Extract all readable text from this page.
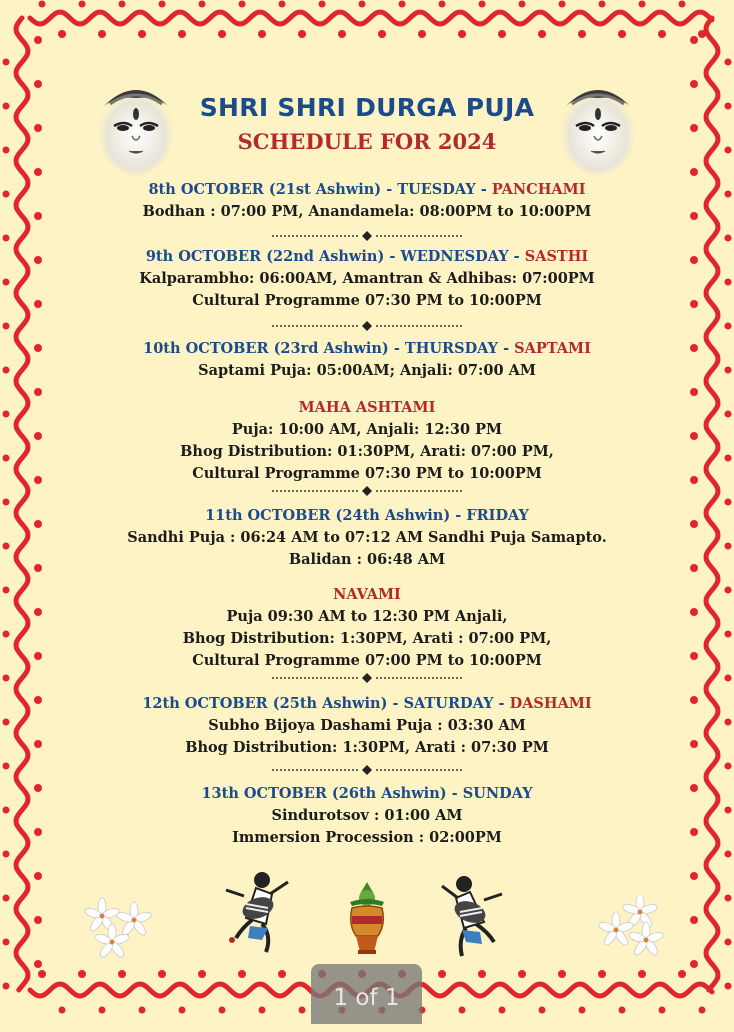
SHRI SHRI DURGA PUJA
SCHEDULE FOR 2024
8th OCTOBER (21st Ashwin) - TUESDAY - PANCHAMI
Bodhan : 07:00 PM, Anandamela: 08:00PM to 10:00PM
9th OCTOBER (22nd Ashwin) - WEDNESDAY - SASTHI
Kalparambho: 06:00AM, Amantran & Adhibas: 07:00PM
Cultural Programme 07:30 PM to 10:00PM
10th OCTOBER (23rd Ashwin) - THURSDAY - SAPTAMI
Saptami Puja: 05:00AM; Anjali: 07:00 AM
MAHA ASHTAMI
Puja: 10:00 AM, Anjali: 12:30 PM
Bhog Distribution: 01:30PM, Arati: 07:00 PM,
Cultural Programme 07:30 PM to 10:00PM
11th OCTOBER (24th Ashwin) - FRIDAY
Sandhi Puja : 06:24 AM to 07:12 AM Sandhi Puja Samapto.
Balidan : 06:48 AM
NAVAMI
Puja 09:30 AM to 12:30 PM Anjali,
Bhog Distribution: 1:30PM, Arati : 07:00 PM,
Cultural Programme 07:00 PM to 10:00PM
12th OCTOBER (25th Ashwin) - SATURDAY - DASHAMI
Subho Bijoya Dashami Puja : 03:30 AM
Bhog Distribution: 1:30PM, Arati : 07:30 PM
13th OCTOBER (26th Ashwin) - SUNDAY
Sindurotsov : 01:00 AM
Immersion Procession : 02:00PM
1 of 1
